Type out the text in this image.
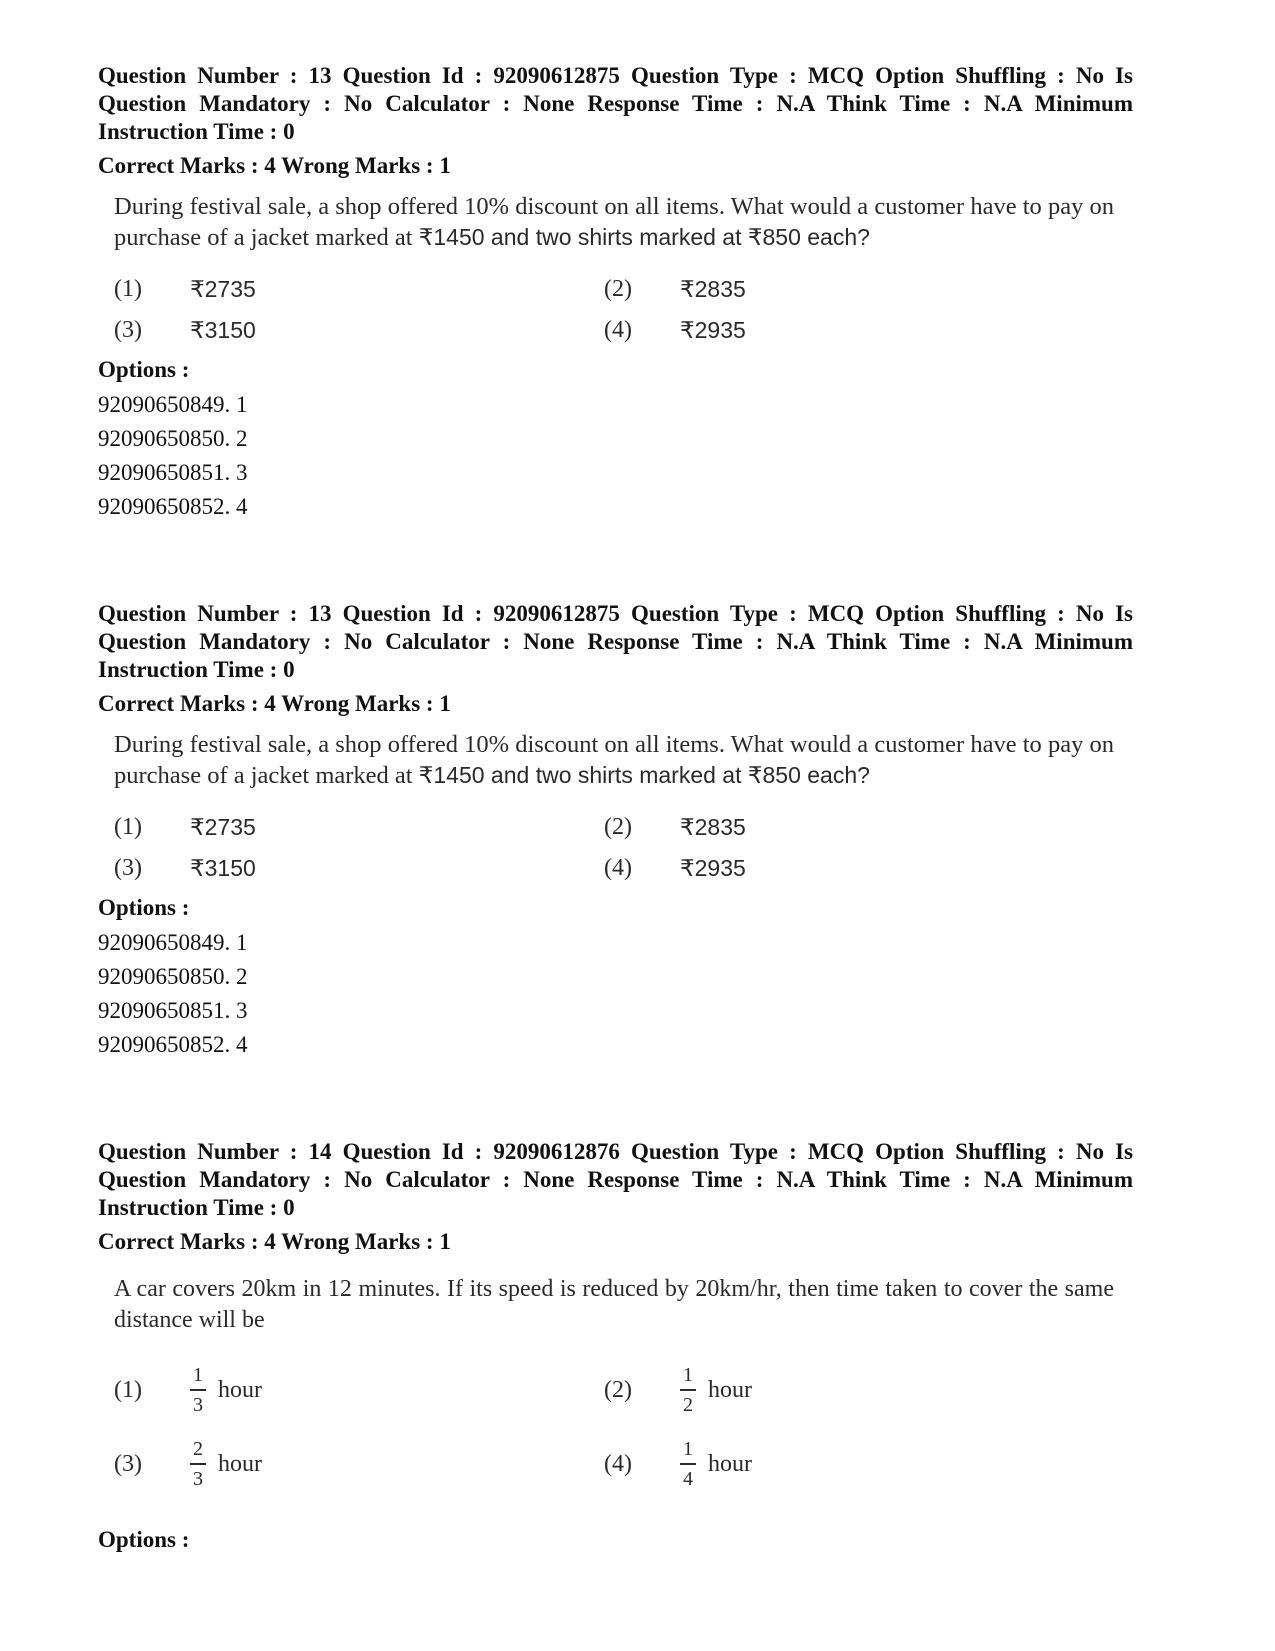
Question Number : 13 Question Id : 92090612875 Question Type : MCQ Option Shuffling : No Is Question Mandatory : No Calculator : None Response Time : N.A Think Time : N.A Minimum Instruction Time : 0

Correct Marks : 4 Wrong Marks : 1

During festival sale, a shop offered 10% discount on all items. What would a customer have to pay on purchase of a jacket marked at ₹1450 and two shirts marked at ₹850 each?

(1)	₹2735	(2)	₹2835
(3)	₹3150	(4)	₹2935

Options :

92090650849. 1
92090650850. 2
92090650851. 3
92090650852. 4

Question Number : 13 Question Id : 92090612875 Question Type : MCQ Option Shuffling : No Is Question Mandatory : No Calculator : None Response Time : N.A Think Time : N.A Minimum Instruction Time : 0

Correct Marks : 4 Wrong Marks : 1

During festival sale, a shop offered 10% discount on all items. What would a customer have to pay on purchase of a jacket marked at ₹1450 and two shirts marked at ₹850 each?

(1)	₹2735	(2)	₹2835
(3)	₹3150	(4)	₹2935

Options :

92090650849. 1
92090650850. 2
92090650851. 3
92090650852. 4

Question Number : 14 Question Id : 92090612876 Question Type : MCQ Option Shuffling : No Is Question Mandatory : No Calculator : None Response Time : N.A Think Time : N.A Minimum Instruction Time : 0

Correct Marks : 4 Wrong Marks : 1

A car covers 20km in 12 minutes. If its speed is reduced by 20km/hr, then time taken to cover the same distance will be

(1)	$\frac{1}{3}$ hour	(2)	$\frac{1}{2}$ hour
(3)	$\frac{2}{3}$ hour	(4)	$\frac{1}{4}$ hour

Options :
